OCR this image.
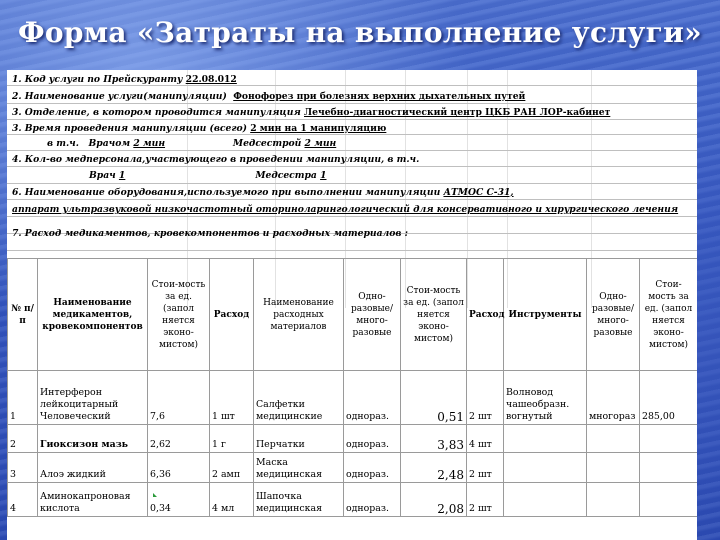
Форма «Затраты на выполнение услуги»
1. Код услуги по Прейскуранту 22.08.012
2. Наименование услуги(манипуляции) Фонофорез при болезнях верхних дыхательных путей
3. Отделение, в котором проводится манипуляция Лечебно-диагностический центр ЦКБ РАН ЛОР-кабинет
3. Время проведения манипуляции (всего) 2 мин на 1 манипуляцию
в т.ч. Врачом 2 мин	Медсестрой 2 мин
4. Кол-во медперсонала,участвующего в проведении манипуляции, в т.ч.
Врач 1	Медсестра 1
6. Наименование оборудования,используемого при выполнении манипуляции АТМОС С-31,
аппарат ультразвуковой низкочастотный оториноларингологический для консервативного и хирургического лечения
7. Расход медикаментов, кровекомпонентов и расходных материалов :
№ п/п	Наименование медикаментов, кровекомпонентов	Стои-мость за ед. (запол няется эконо-мистом)	Расход	Наименование расходных материалов	Одно-разовые/ много-разовые	Стои-мость за ед. (запол няется эконо-мистом)	Расход	Инструменты	Одно-разовые/ много-разовые	Стои-мость за ед. (запол няется эконо-мистом)
1	Интерферон лейкоцитарный Человеческий	7,6	1 шт	Салфетки медицинские	однораз.	0,51	2 шт	Волновод чашеобразн. вогнутый	многораз	285,00
2	Гиоксизон мазь	2,62	1 г	Перчатки	однораз.	3,83	4 шт			
3	Алоэ жидкий	6,36	2 амп	Маска медицинская	однораз.	2,48	2 шт			
4	Аминокапроновая кислота	0,34	4 мл	Шапочка медицинская	однораз.	2,08	2 шт			
